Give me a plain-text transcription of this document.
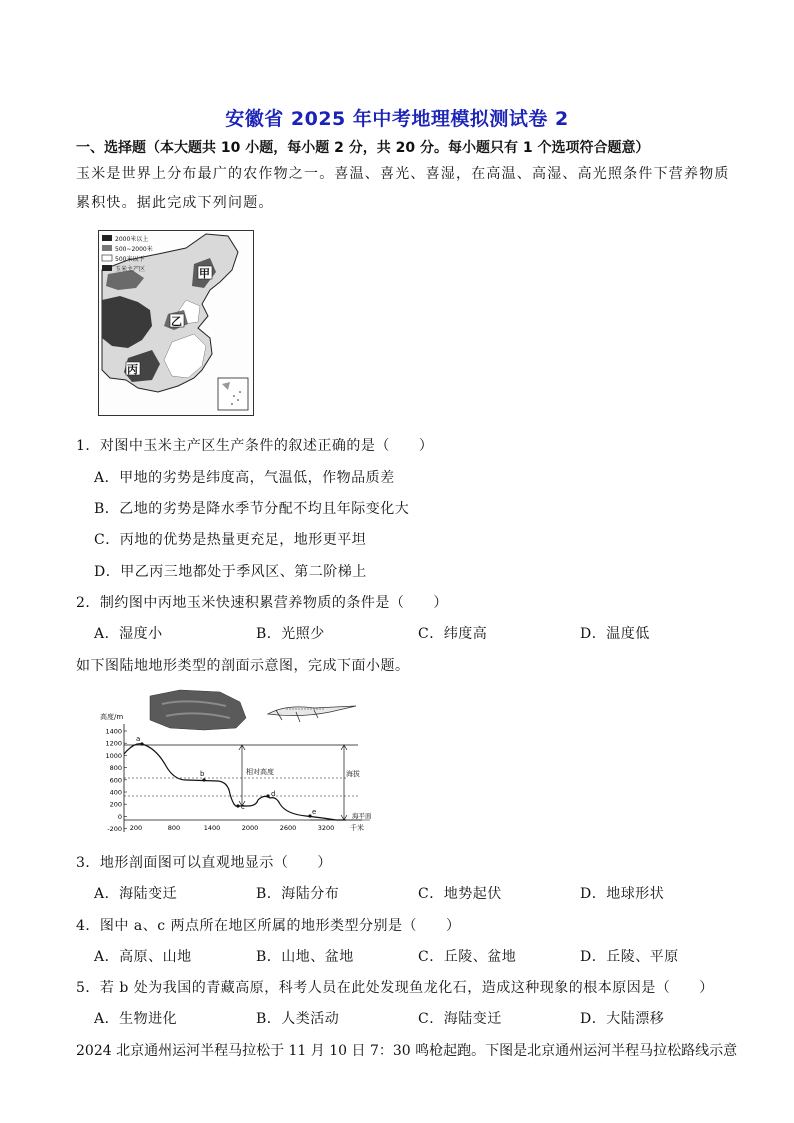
安徽省 2025 年中考地理模拟测试卷 2
一、选择题（本大题共 10 小题，每小题 2 分，共 20 分。每小题只有 1 个选项符合题意）
玉米是世界上分布最广的农作物之一。喜温、喜光、喜湿，在高温、高湿、高光照条件下营养物质累积快。据此完成下列问题。
2000米以上
500~2000米
500米以下
玉米主产区	甲
乙
丙
1．对图中玉米主产区生产条件的叙述正确的是（　　）
A．甲地的劣势是纬度高，气温低，作物品质差
B．乙地的劣势是降水季节分配不均且年际变化大
C．丙地的优势是热量更充足，地形更平坦
D．甲乙丙三地都处于季风区、第二阶梯上
2．制约图中丙地玉米快速积累营养物质的条件是（　　）
A．湿度小	B．光照少	C．纬度高	D．温度低
如下图陆地地形类型的剖面示意图，完成下面小题。
高度/m
1400
1200
1000
800
600
400
200
0
-200 200	800	1400	2000	2600	3200 千米
a
b
c
d
e
相对高度	海拔
海平面
3．地形剖面图可以直观地显示（　　）
A．海陆变迁	B．海陆分布	C．地势起伏	D．地球形状
4．图中 a、c 两点所在地区所属的地形类型分别是（　　）
A．高原、山地	B．山地、盆地	C．丘陵、盆地	D．丘陵、平原
5．若 b 处为我国的青藏高原，科考人员在此处发现鱼龙化石，造成这种现象的根本原因是（　　）
A．生物进化	B．人类活动	C．海陆变迁	D．大陆漂移
2024 北京通州运河半程马拉松于 11 月 10 日 7：30 鸣枪起跑。下图是北京通州运河半程马拉松路线示意
